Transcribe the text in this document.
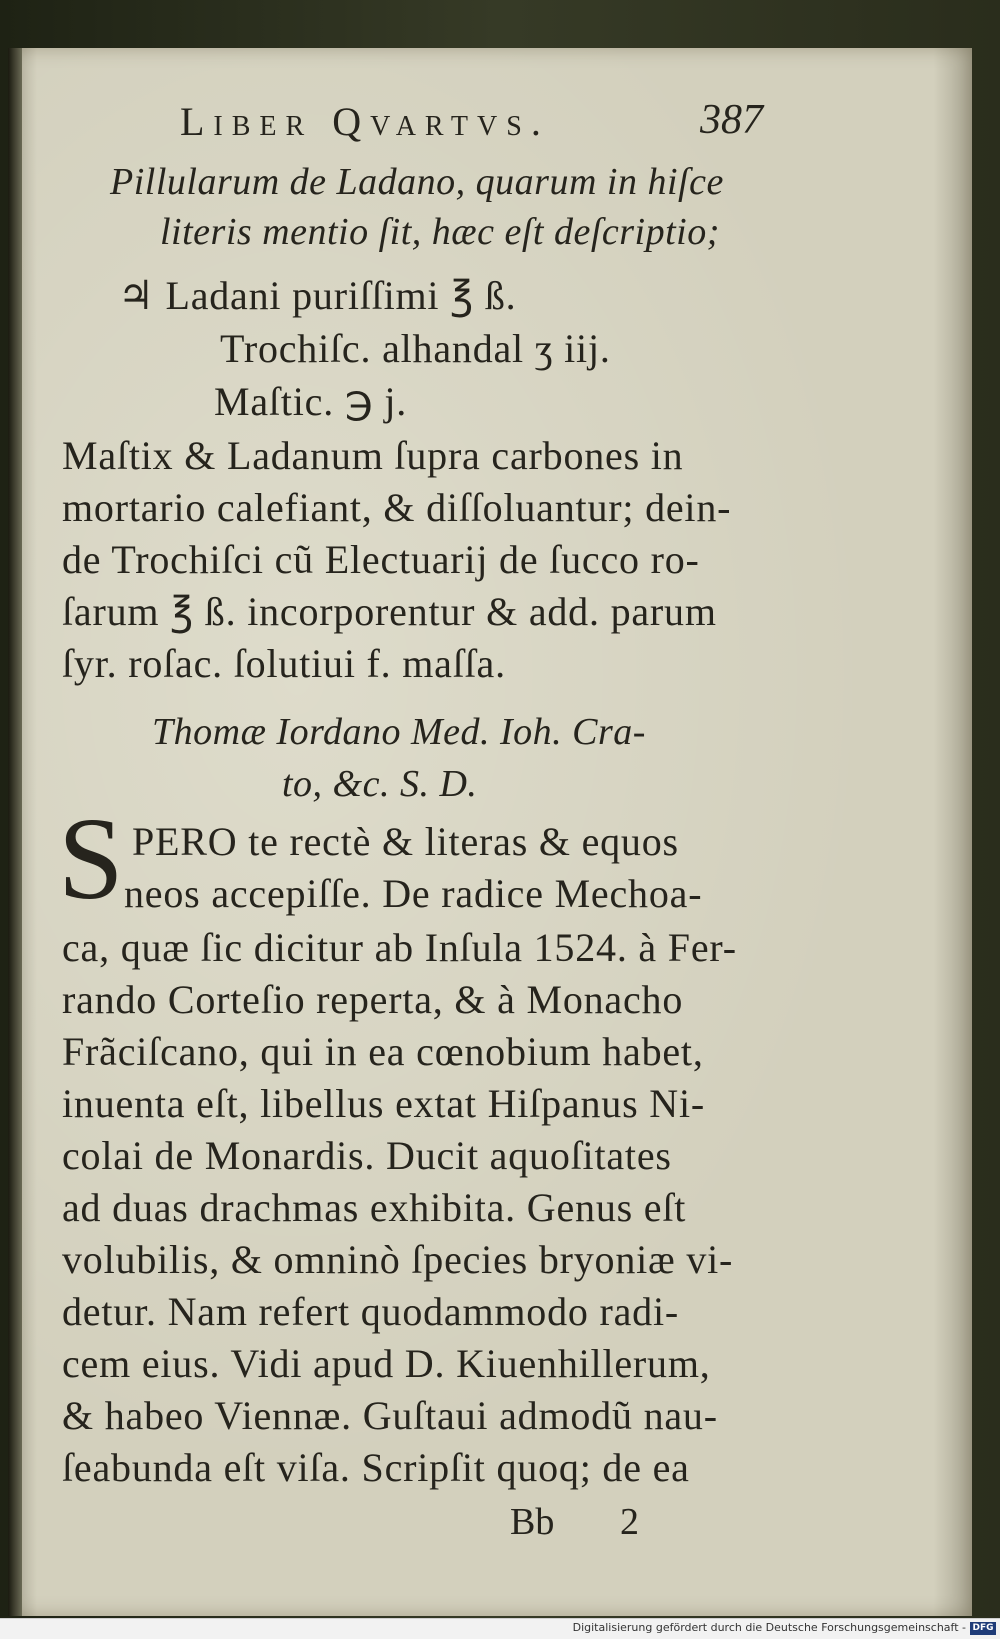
Liber Qvartvs.	387
Pillularum de Ladano, quarum in hiſce
literis mentio ſit, hæc eſt deſcriptio;
♃ Ladani puriſſimi ℥ ß.
Trochiſc. alhandal ʒ iij.
Maſtic. ℈ j.
Maſtix & Ladanum ſupra carbones in
mortario calefiant, & diſſoluantur; dein-
de Trochiſci cũ Electuarij de ſucco ro-
ſarum ℥ ß. incorporentur & add. parum
ſyr. roſac. ſolutiui f. maſſa.
Thomæ Iordano Med. Ioh. Cra-
to, &c. S. D.
S PERO te rectè & literas & equos
neos accepiſſe. De radice Mechoa-
ca, quæ ſic dicitur ab Inſula 1524. à Fer-
rando Corteſio reperta, & à Monacho
Frãciſcano, qui in ea cœnobium habet,
inuenta eſt, libellus extat Hiſpanus Ni-
colai de Monardis. Ducit aquoſitates
ad duas drachmas exhibita. Genus eſt
volubilis, & omninò ſpecies bryoniæ vi-
detur. Nam refert quodammodo radi-
cem eius. Vidi apud D. Kiuenhillerum,
& habeo Viennæ. Guſtaui admodũ nau-
ſeabunda eſt viſa. Scripſit quoq; de ea
Bb 2
Digitalisierung gefördert durch die Deutsche Forschungsgemeinschaft - DFG
